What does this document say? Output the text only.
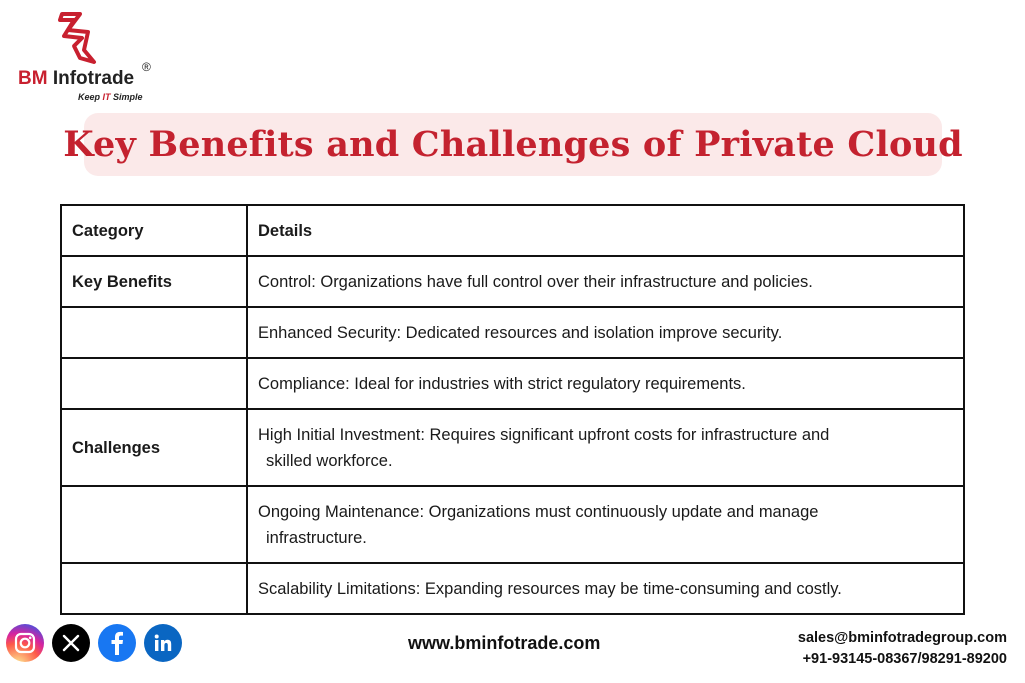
BM Infotrade
®
Keep IT Simple
Key Benefits and Challenges of Private Cloud
Category	Details
Key Benefits	Control: Organizations have full control over their infrastructure and policies.
	Enhanced Security: Dedicated resources and isolation improve security.
	Compliance: Ideal for industries with strict regulatory requirements.
Challenges	High Initial Investment: Requires significant upfront costs for infrastructure and
skilled workforce.
	Ongoing Maintenance: Organizations must continuously update and manage
infrastructure.
	Scalability Limitations: Expanding resources may be time-consuming and costly.
www.bminfotrade.com	sales@bminfotradegroup.com
+91-93145-08367/98291-89200
